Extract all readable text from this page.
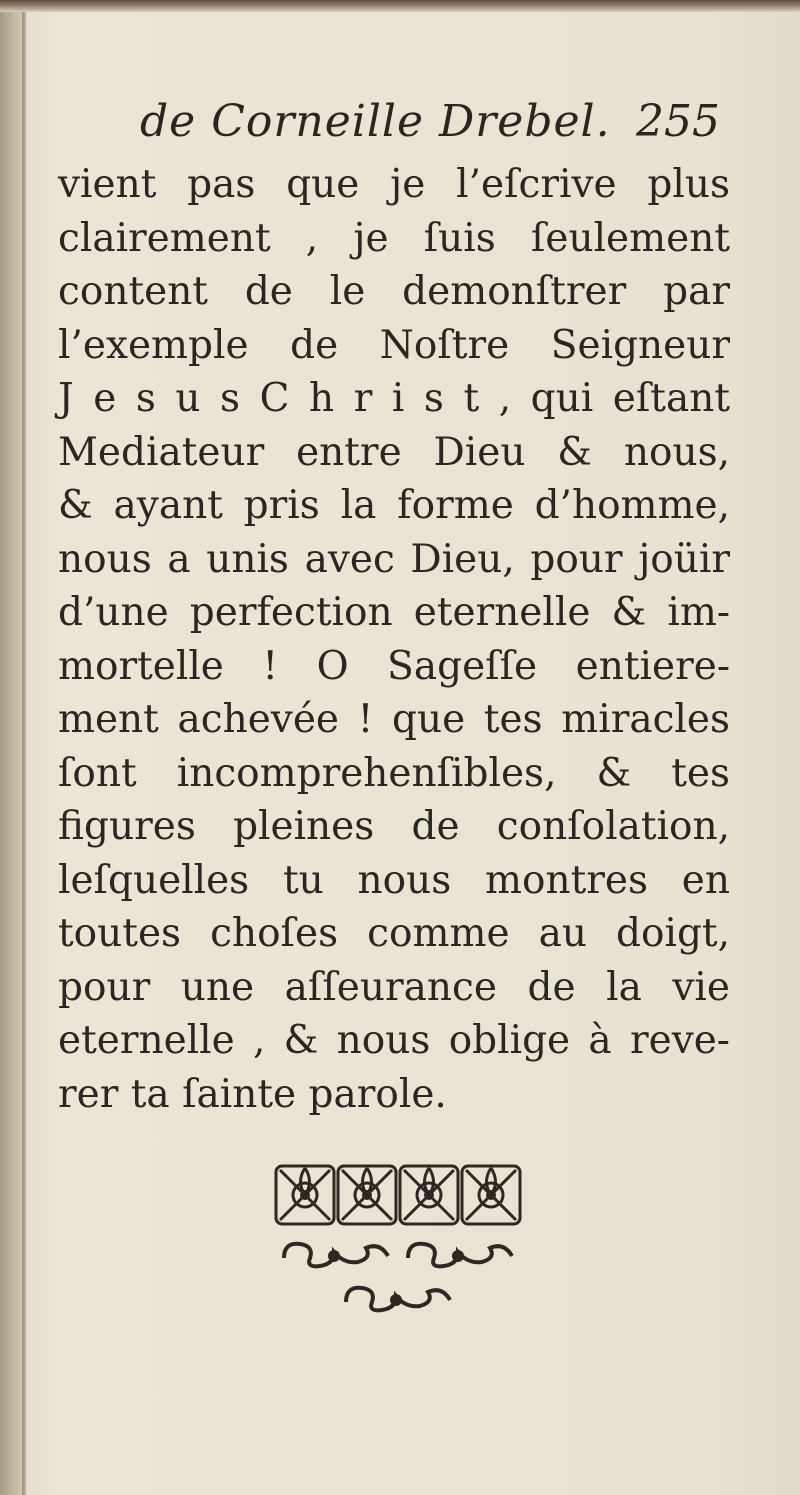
de Corneille Drebel. 255
vient pas que je l’eſcrive plus
clairement , je ſuis ſeulement
content de le demonſtrer par
l’exemple de Noſtre Seigneur
J e s u s C h r i s t , qui eſtant
Mediateur entre Dieu & nous,
& ayant pris la forme d’homme,
nous a unis avec Dieu, pour joüir
d’une perfection eternelle & im-
mortelle ! O Sageſſe entiere-
ment achevée ! que tes miracles
ſont incomprehenſibles, & tes
figures pleines de conſolation,
leſquelles tu nous montres en
toutes choſes comme au doigt,
pour une aſſeurance de la vie
eternelle , & nous oblige à reve-
rer ta ſainte parole.
